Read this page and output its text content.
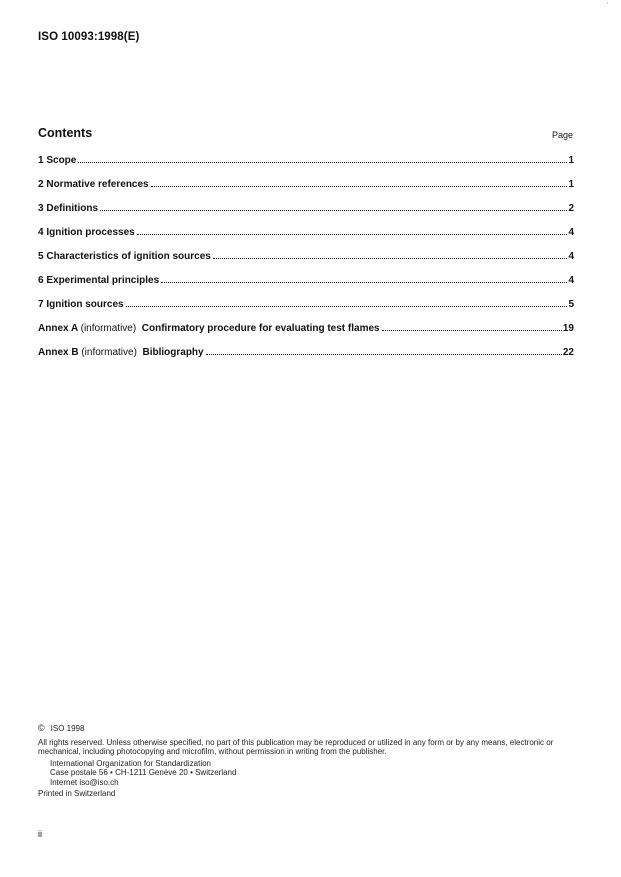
'
ISO 10093:1998(E)
Contents	Page
1 Scope	1
2 Normative references	1
3 Definitions	2
4 Ignition processes	4
5 Characteristics of ignition sources	4
6 Experimental principles	4
7 Ignition sources	5
Annex A (informative) Confirmatory procedure for evaluating test flames	19
Annex B (informative) Bibliography	22
© ISO 1998
All rights reserved. Unless otherwise specified, no part of this publication may be reproduced or utilized in any form or by any means, electronic or mechanical, including photocopying and microfilm, without permission in writing from the publisher.
International Organization for Standardization
Case postale 56 • CH-1211 Genève 20 • Switzerland
Internet iso@iso.ch
Printed in Switzerland
ii
